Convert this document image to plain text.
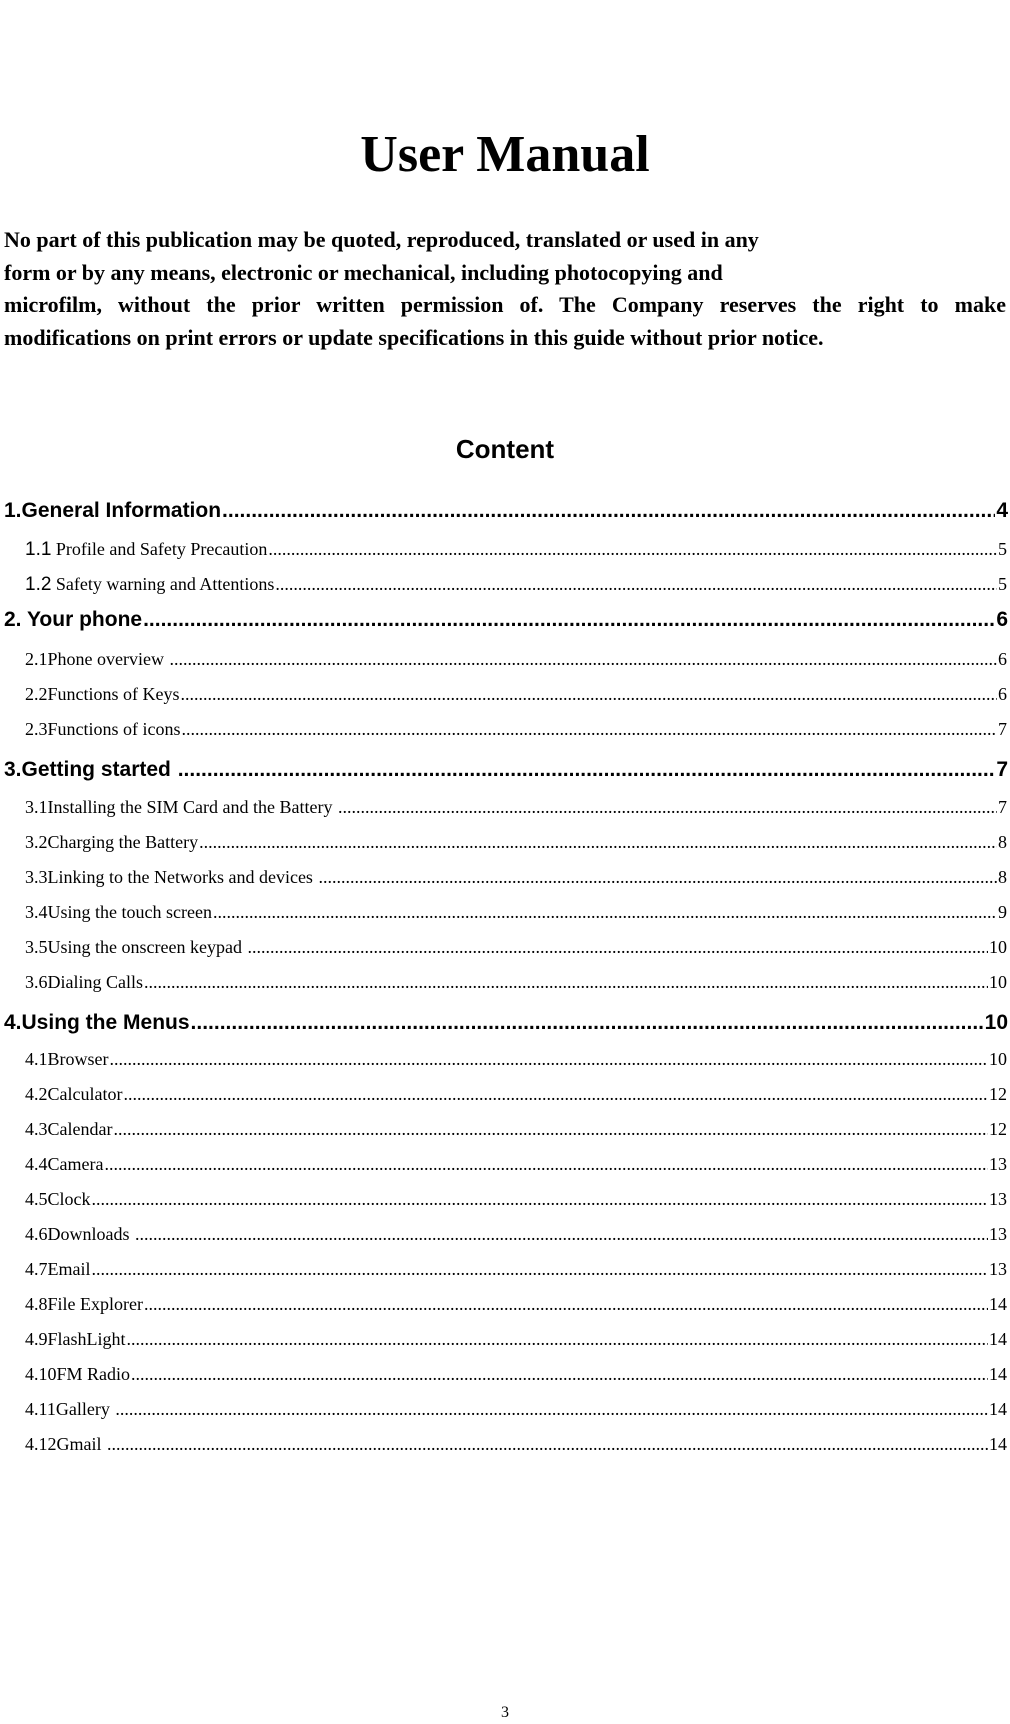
User Manual
No part of this publication may be quoted, reproduced, translated or used in any
form or by any means, electronic or mechanical, including photocopying and
microfilm, without the prior written permission of. The Company reserves the right to make
modifications on print errors or update specifications in this guide without prior notice.
Content
1.General Information .....	4
1.1 Profile and Safety Precaution .....	5
1.2 Safety warning and Attentions .....	5
2. Your phone .....	6
2.1Phone overview .....	6
2.2Functions of Keys .....	6
2.3Functions of icons .....	7
3.Getting started .....	7
3.1Installing the SIM Card and the Battery .....	7
3.2Charging the Battery .....	8
3.3Linking to the Networks and devices .....	8
3.4Using the touch screen .....	9
3.5Using the onscreen keypad .....	10
3.6Dialing Calls .....	10
4.Using the Menus .....	10
4.1Browser .....	10
4.2Calculator .....	12
4.3Calendar .....	12
4.4Camera .....	13
4.5Clock .....	13
4.6Downloads .....	13
4.7Email .....	13
4.8File Explorer .....	14
4.9FlashLight .....	14
4.10FM Radio .....	14
4.11Gallery .....	14
4.12Gmail .....	14
3
